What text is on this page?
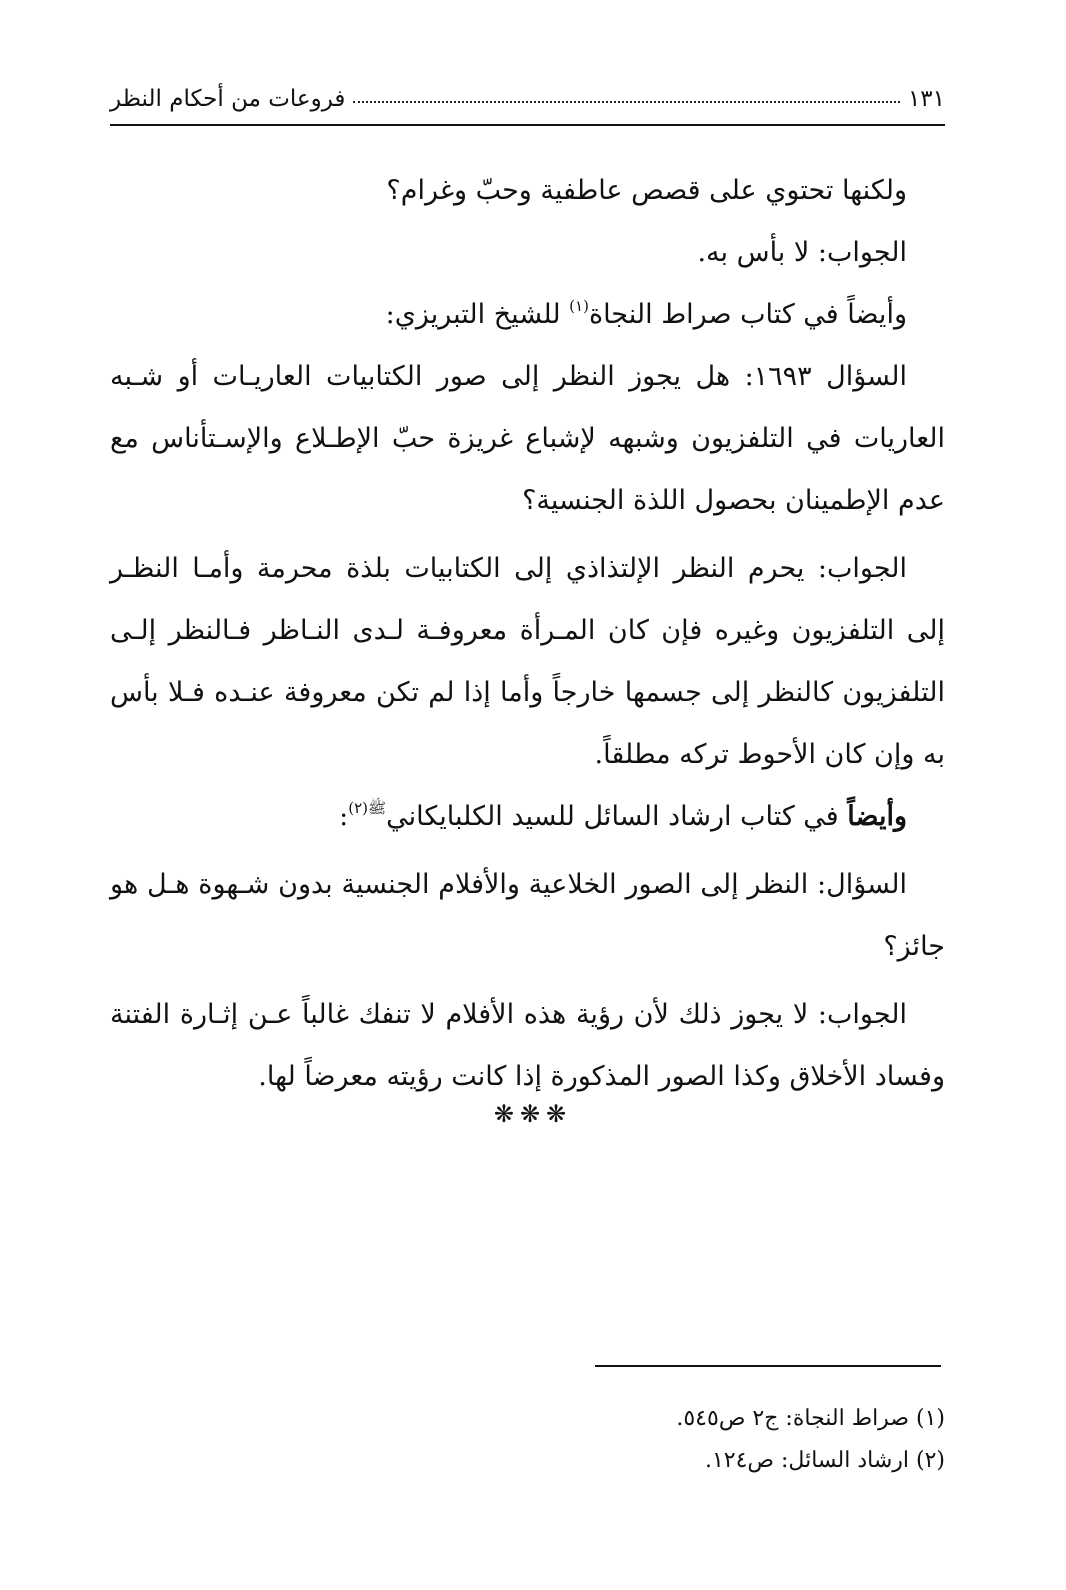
١٣١
فروعات من أحكام النظر

ولكنها تحتوي على قصص عاطفية وحبّ وغرام؟

الجواب: لا بأس به.

وأيضاً في كتاب صراط النجاة$^{(١)}$ للشيخ التبريزي:

السؤال ١٦٩٣: هل يجوز النظر إلى صور الكتابيات العاريـات أو شـبه العاريات في التلفزيون وشبهه لإشباع غريزة حبّ الإطـلاع والإسـتأناس مع عدم الإطمينان بحصول اللذة الجنسية؟

الجواب: يحرم النظر الإلتذاذي إلى الكتابيات بلذة محرمة وأمـا النظـر إلى التلفزيون وغيره فإن كان المـرأة معروفـة لـدى النـاظر فـالنظر إلـى التلفزيون كالنظر إلى جسمها خارجاً وأما إذا لم تكن معروفة عنـده فـلا بأس به وإن كان الأحوط تركه مطلقاً.

وأيضاً في كتاب ارشاد السائل للسيد الكلبايكاني$^{ﷺ(٢)}$:

السؤال: النظر إلى الصور الخلاعية والأفلام الجنسية بدون شـهوة هـل هو جائز؟

الجواب: لا يجوز ذلك لأن رؤية هذه الأفلام لا تنفك غالباً عـن إثـارة الفتنة وفساد الأخلاق وكذا الصور المذكورة إذا كانت رؤيته معرضاً لها.

❋❋❋

(١) صراط النجاة: ج٢ ص٥٤٥.

(٢) ارشاد السائل: ص١٢٤.
